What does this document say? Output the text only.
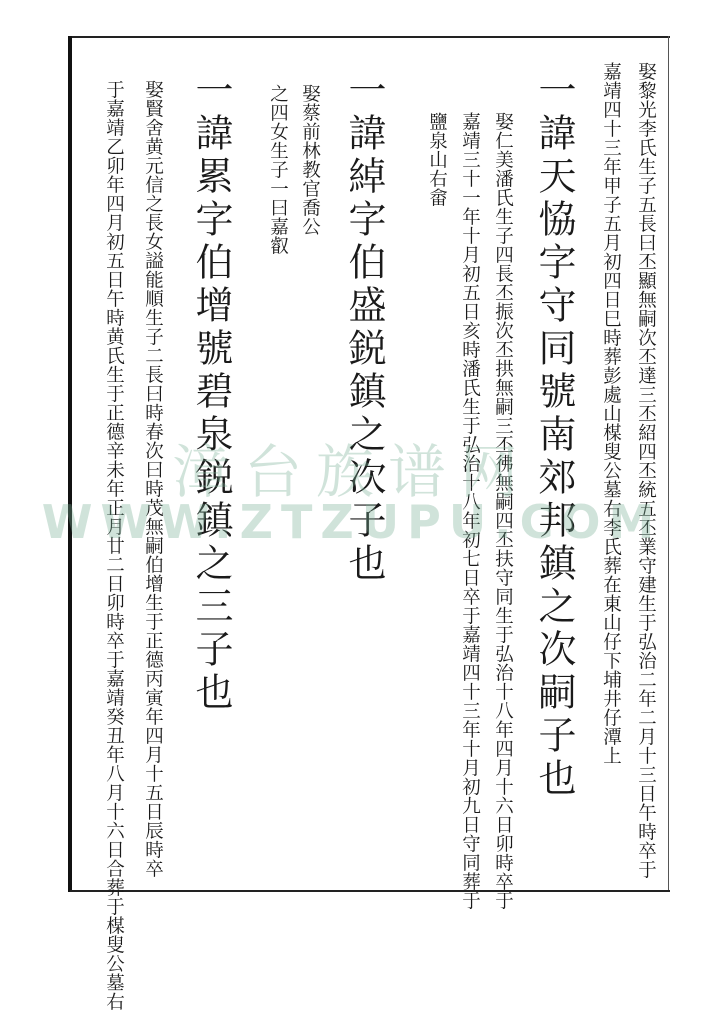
娶黎光李氏生子五長曰丕顯無嗣次丕達三丕紹四丕統五丕業守建生于弘治二年二月十三日午時卒于
嘉靖四十三年甲子五月初四日巳時葬彭處山楳叟公墓右李氏葬在東山仔下埔井仔潭上
一諱天恊字守同號南郊邦鎮之次嗣子也
娶仁美潘氏生子四長丕振次丕拱無嗣三丕彿無嗣四丕扶守同生于弘治十八年四月十六日卯時卒于
嘉靖三十一年十月初五日亥時潘氏生于弘治十八年初七日卒于嘉靖四十三年十月初九日守同葬于
鹽泉山右畲
一諱綽字伯盛鋭鎮之次子也
娶蔡前林教官喬公
之四女生子一曰嘉叡
一諱累字伯增號碧泉鋭鎮之三子也
娶賢舍黄元信之長女謚能順生子二長曰時春次曰時茂無嗣伯增生于正德丙寅年四月十五日辰時卒
于嘉靖乙卯年四月初五日午時黄氏生于正德辛未年正月廿二日卯時卒于嘉靖癸丑年八月十六日合葬于楳叟公墓右 漳台族谱网
WWW.ZTZUPU.COM
